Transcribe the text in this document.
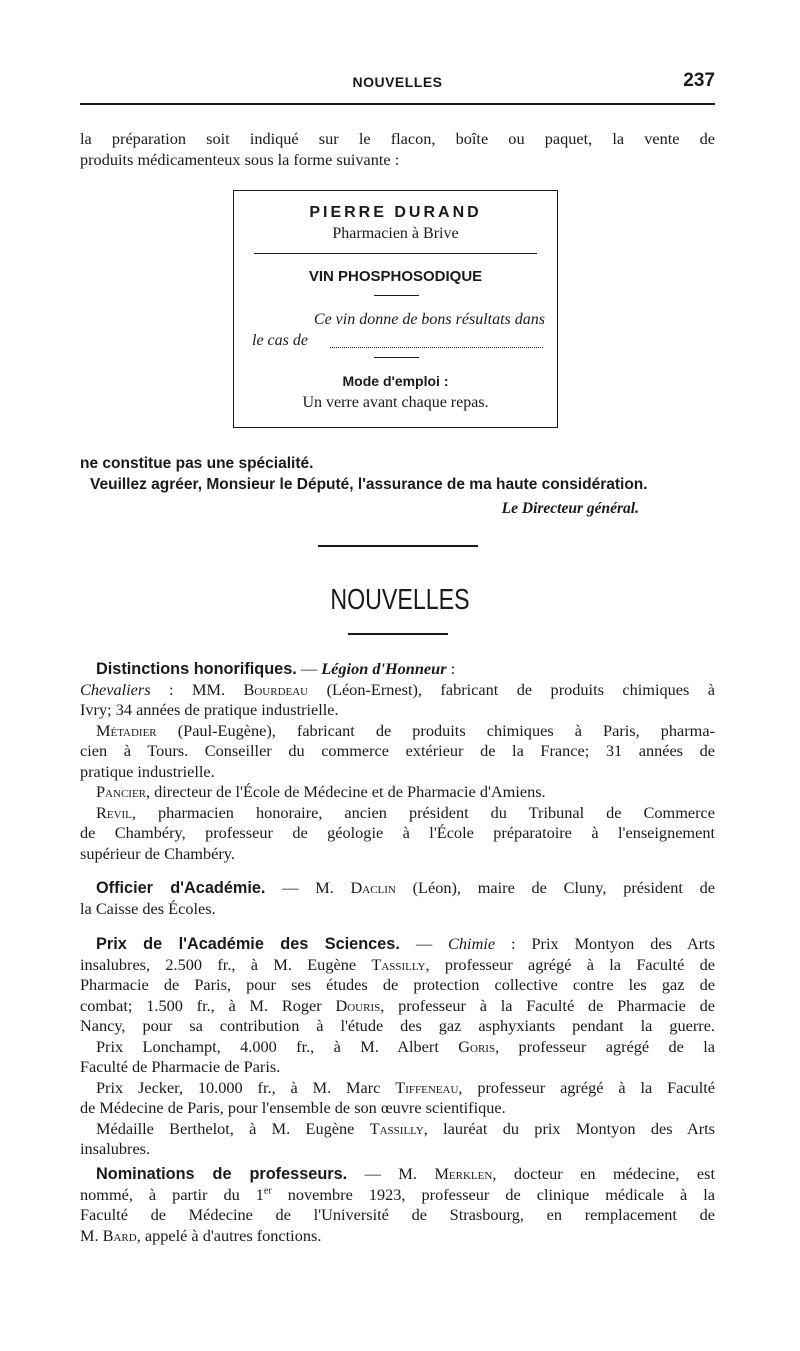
NOUVELLES	237
la préparation soit indiqué sur le flacon, boîte ou paquet, la vente de
produits médicamenteux sous la forme suivante :
PIERRE DURAND
Pharmacien à Brive
VIN PHOSPHOSODIQUE
Ce vin donne de bons résultats dans
le cas de
Mode d'emploi :
Un verre avant chaque repas.
ne constitue pas une spécialité.
Veuillez agréer, Monsieur le Député, l'assurance de ma haute considération.
Le Directeur général.
NOUVELLES
Distinctions honorifiques. — Légion d'Honneur :
Chevaliers : MM. Bourdeau (Léon-Ernest), fabricant de produits chimiques à
Ivry; 34 années de pratique industrielle.
Métadier (Paul-Eugène), fabricant de produits chimiques à Paris, pharma-
cien à Tours. Conseiller du commerce extérieur de la France; 31 années de
pratique industrielle.
Pancier, directeur de l'École de Médecine et de Pharmacie d'Amiens.
Revil, pharmacien honoraire, ancien président du Tribunal de Commerce
de Chambéry, professeur de géologie à l'École préparatoire à l'enseignement
supérieur de Chambéry.
Officier d'Académie. — M. Daclin (Léon), maire de Cluny, président de
la Caisse des Écoles.
Prix de l'Académie des Sciences. — Chimie : Prix Montyon des Arts
insalubres, 2.500 fr., à M. Eugène Tassilly, professeur agrégé à la Faculté de
Pharmacie de Paris, pour ses études de protection collective contre les gaz de
combat; 1.500 fr., à M. Roger Douris, professeur à la Faculté de Pharmacie de
Nancy, pour sa contribution à l'étude des gaz asphyxiants pendant la guerre.
Prix Lonchampt, 4.000 fr., à M. Albert Goris, professeur agrégé de la
Faculté de Pharmacie de Paris.
Prix Jecker, 10.000 fr., à M. Marc Tiffeneau, professeur agrégé à la Faculté
de Médecine de Paris, pour l'ensemble de son œuvre scientifique.
Médaille Berthelot, à M. Eugène Tassilly, lauréat du prix Montyon des Arts
insalubres.
Nominations de professeurs. — M. Merklen, docteur en médecine, est
nommé, à partir du 1er novembre 1923, professeur de clinique médicale à la
Faculté de Médecine de l'Université de Strasbourg, en remplacement de
M. Bard, appelé à d'autres fonctions.
